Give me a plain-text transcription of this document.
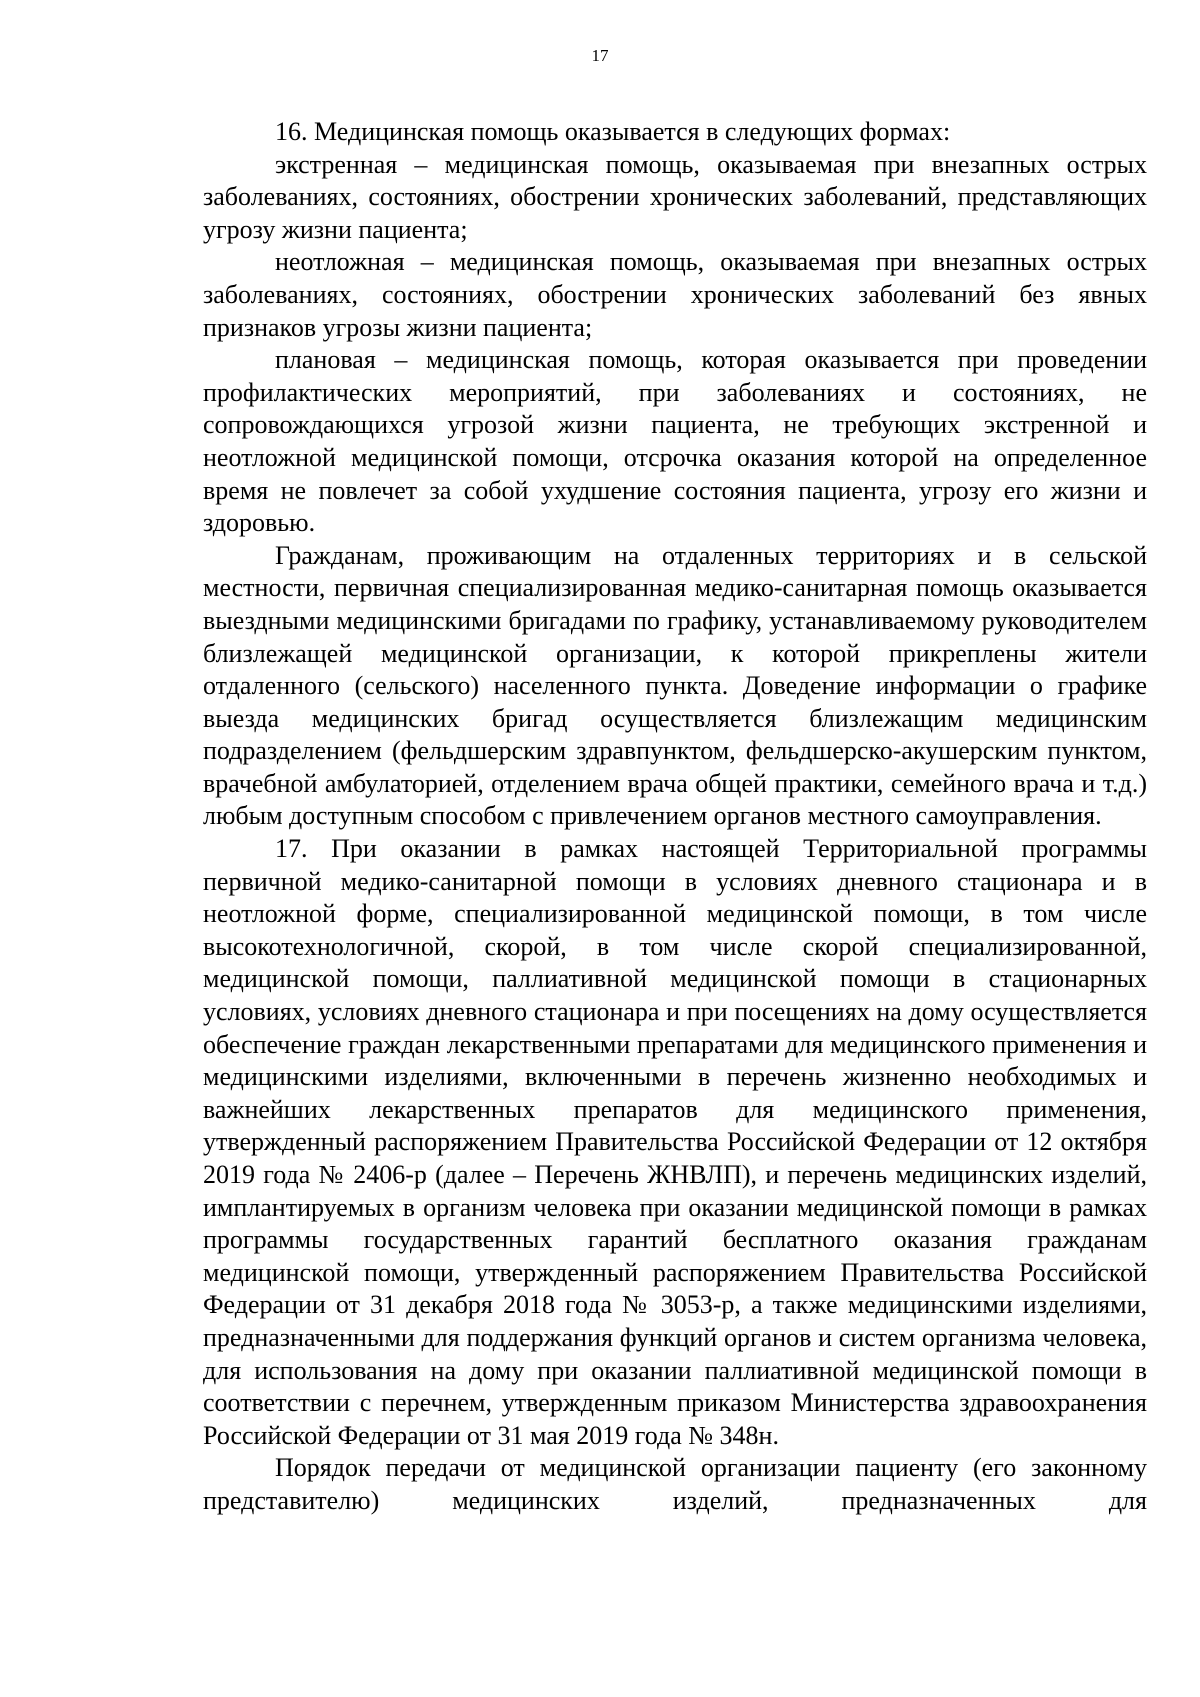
17

16. Медицинская помощь оказывается в следующих формах:

экстренная – медицинская помощь, оказываемая при внезапных острых заболеваниях, состояниях, обострении хронических заболеваний, представляющих угрозу жизни пациента;

неотложная – медицинская помощь, оказываемая при внезапных острых заболеваниях, состояниях, обострении хронических заболеваний без явных признаков угрозы жизни пациента;

плановая – медицинская помощь, которая оказывается при проведении профилактических мероприятий, при заболеваниях и состояниях, не сопровождающихся угрозой жизни пациента, не требующих экстренной и неотложной медицинской помощи, отсрочка оказания которой на определенное время не повлечет за собой ухудшение состояния пациента, угрозу его жизни и здоровью.

Гражданам, проживающим на отдаленных территориях и в сельской местности, первичная специализированная медико-санитарная помощь оказывается выездными медицинскими бригадами по графику, устанавливаемому руководителем близлежащей медицинской организации, к которой прикреплены жители отдаленного (сельского) населенного пункта. Доведение информации о графике выезда медицинских бригад осуществляется близлежащим медицинским подразделением (фельдшерским здравпунктом, фельдшерско-акушерским пунктом, врачебной амбулаторией, отделением врача общей практики, семейного врача и т.д.) любым доступным способом с привлечением органов местного самоуправления.

17. При оказании в рамках настоящей Территориальной программы первичной медико-санитарной помощи в условиях дневного стационара и в неотложной форме, специализированной медицинской помощи, в том числе высокотехнологичной, скорой, в том числе скорой специализированной, медицинской помощи, паллиативной медицинской помощи в стационарных условиях, условиях дневного стационара и при посещениях на дому осуществляется обеспечение граждан лекарственными препаратами для медицинского применения и медицинскими изделиями, включенными в перечень жизненно необходимых и важнейших лекарственных препаратов для медицинского применения, утвержденный распоряжением Правительства Российской Федерации от 12 октября 2019 года № 2406-р (далее – Перечень ЖНВЛП), и перечень медицинских изделий, имплантируемых в организм человека при оказании медицинской помощи в рамках программы государственных гарантий бесплатного оказания гражданам медицинской помощи, утвержденный распоряжением Правительства Российской Федерации от 31 декабря 2018 года № 3053-р, а также медицинскими изделиями, предназначенными для поддержания функций органов и систем организма человека, для использования на дому при оказании паллиативной медицинской помощи в соответствии с перечнем, утвержденным приказом Министерства здравоохранения Российской Федерации от 31 мая 2019 года № 348н.

Порядок передачи от медицинской организации пациенту (его законному представителю) медицинских изделий, предназначенных для
